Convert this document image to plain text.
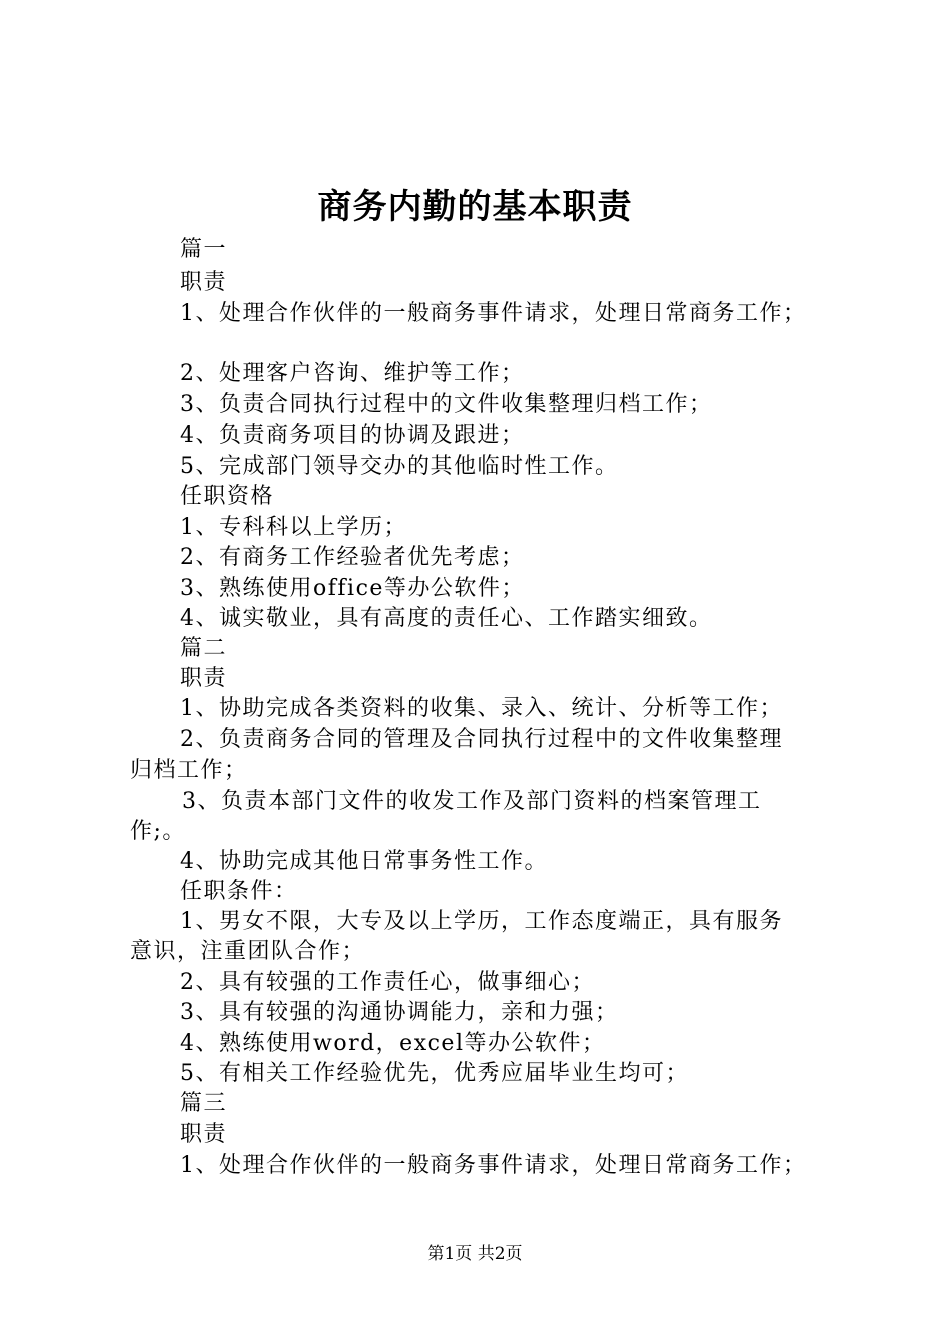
商务内勤的基本职责
篇一
职责
1、处理合作伙伴的一般商务事件请求，处理日常商务工作；
2、处理客户咨询、维护等工作；
3、负责合同执行过程中的文件收集整理归档工作；
4、负责商务项目的协调及跟进；
5、完成部门领导交办的其他临时性工作。
任职资格
1、专科科以上学历；
2、有商务工作经验者优先考虑；
3、熟练使用office等办公软件；
4、诚实敬业，具有高度的责任心、工作踏实细致。
篇二
职责
1、协助完成各类资料的收集、录入、统计、分析等工作；
2、负责商务合同的管理及合同执行过程中的文件收集整理
归档工作；
3、负责本部门文件的收发工作及部门资料的档案管理工
作;。
4、协助完成其他日常事务性工作。
任职条件：
1、男女不限，大专及以上学历，工作态度端正，具有服务
意识，注重团队合作；
2、具有较强的工作责任心，做事细心；
3、具有较强的沟通协调能力，亲和力强；
4、熟练使用word，excel等办公软件；
5、有相关工作经验优先，优秀应届毕业生均可；
篇三
职责
1、处理合作伙伴的一般商务事件请求，处理日常商务工作；
第1页 共2页
